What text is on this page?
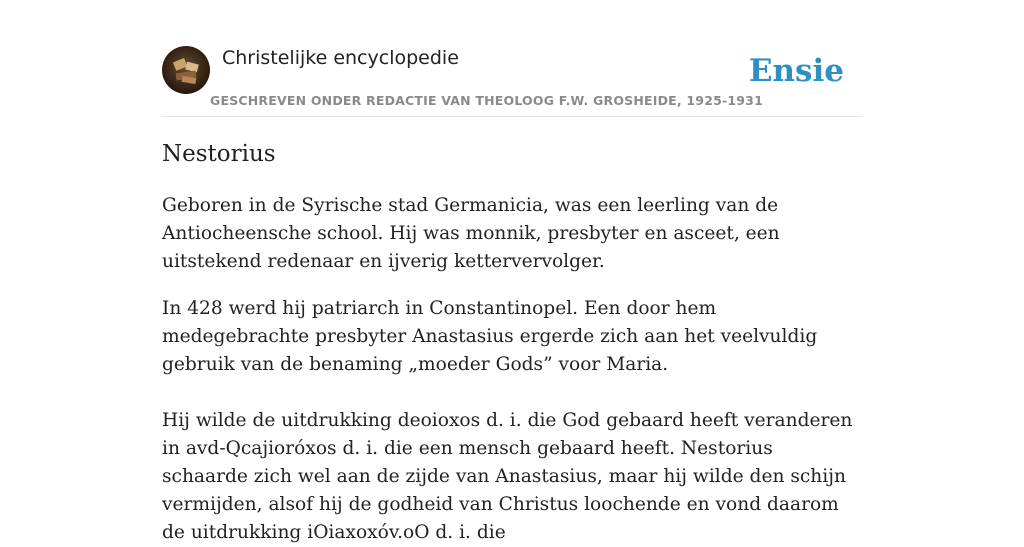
Christelijke encyclopedie
GESCHREVEN ONDER REDACTIE VAN THEOLOOG F.W. GROSHEIDE, 1925-1931
Ensie
Nestorius

Geboren in de Syrische stad Germanicia, was een leerling van de Antiocheensche school. Hij was monnik, presbyter en asceet, een uitstekend redenaar en ijverig kettervervolger.

In 428 werd hij patriarch in Constantinopel. Een door hem medegebrachte presbyter Anastasius ergerde zich aan het veelvuldig gebruik van de benaming „moeder Gods” voor Maria.

Hij wilde de uitdrukking deoioxos d. i. die God gebaard heeft veranderen in avd-Qcajioróxos d. i. die een mensch gebaard heeft. Nestorius schaarde zich wel aan de zijde van Anastasius, maar hij wilde den schijn vermijden, alsof hij de godheid van Christus loochende en vond daarom de uitdrukking iOiaxoxóv.oO d. i. die
